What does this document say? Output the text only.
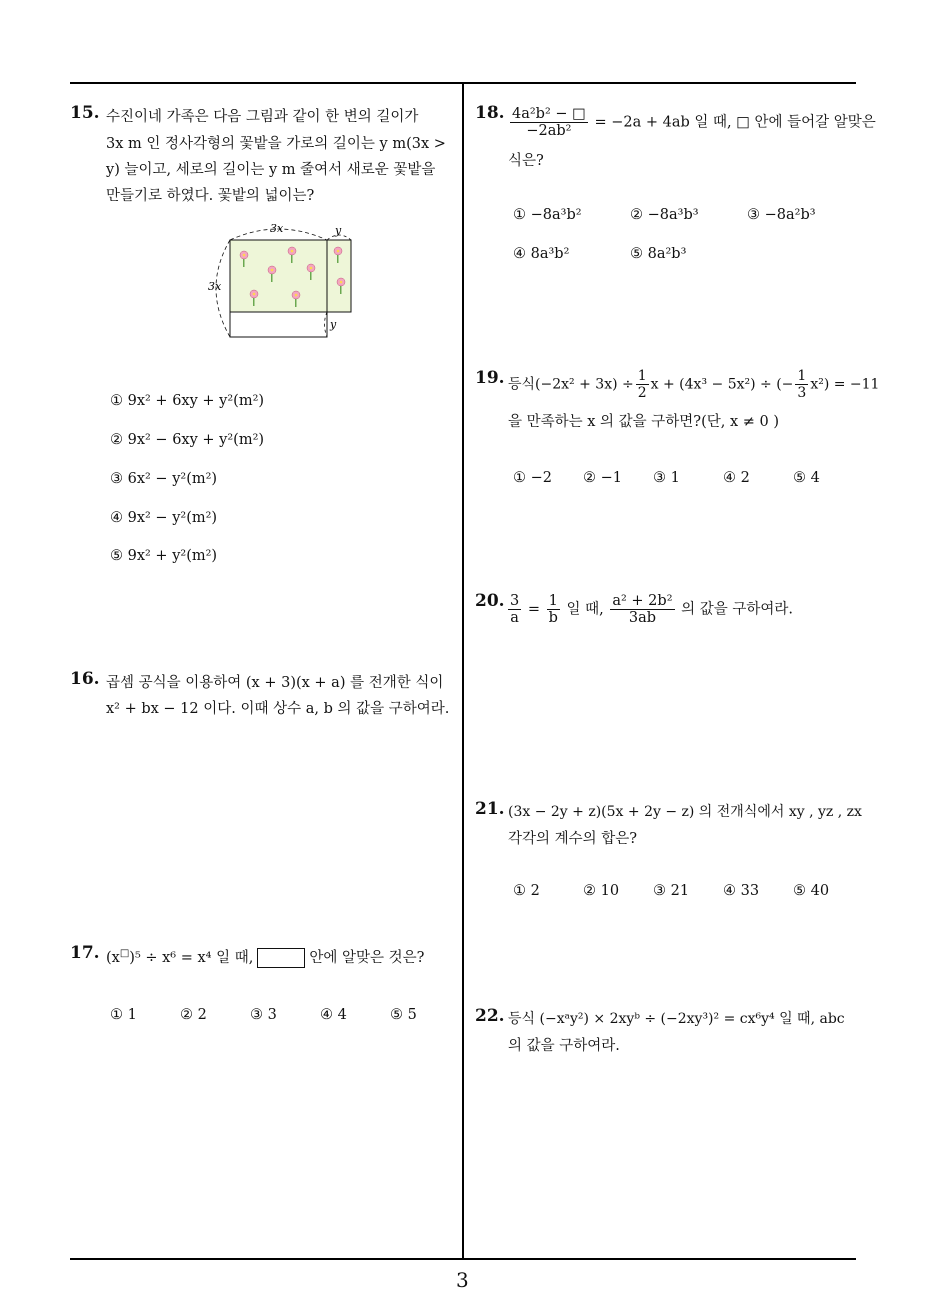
15. 수진이네 가족은 다음 그림과 같이 한 변의 길이가
3x m 인 정사각형의 꽃밭을 가로의 길이는 y m(3x >
y) 늘이고, 세로의 길이는 y m 줄여서 새로운 꽃밭을
만들기로 하였다. 꽃밭의 넓이는?
3x	y
3x
y
① 9x² + 6xy + y²(m²)
② 9x² − 6xy + y²(m²)
③ 6x² − y²(m²)
④ 9x² − y²(m²)
⑤ 9x² + y²(m²)
16. 곱셈 공식을 이용하여 (x + 3)(x + a) 를 전개한 식이
x² + bx − 12 이다. 이때 상수 a, b 의 값을 구하여라.
17. (x□)⁵ ÷ x⁶ = x⁴ 일 때,	안에 알맞은 것은?
① 1	② 2	③ 3	④ 4	⑤ 5
18. $\frac{\text{4a²b² − □}}{\text{−2ab²}} = -2a + 4ab$ 일 때, □ 안에 들어갈 알맞은
식은?
① −8a³b²	② −8a³b³	③ −8a²b³
④ 8a³b²	⑤ 8a²b³
19. 등식$(-2x^2 + 3x) \div \frac{1}{2}$ x + (4x³ − 5x²) ÷ (− $\frac{1}{3} x^2) = -11$
을 만족하는 x 의 값을 구하면?(단, x ≠ 0 )
① −2 ② −1 ③ 1	④ 2	⑤ 4
20. $\frac{3}{a} = \frac{1}{b}$ 일 때, $\frac{\text{a² + 2b²}}{3ab}$ 의 값을 구하여라.
21. (3x − 2y + z)(5x + 2y − z) 의 전개식에서 xy , yz , zx
각각의 계수의 합은?
① 2	② 10 ③ 21 ④ 33 ⑤ 40
22. 등식 (−xᵃy²) × 2xyᵇ ÷ (−2xy³)² = cx⁶y⁴ 일 때, abc
의 값을 구하여라.
3
